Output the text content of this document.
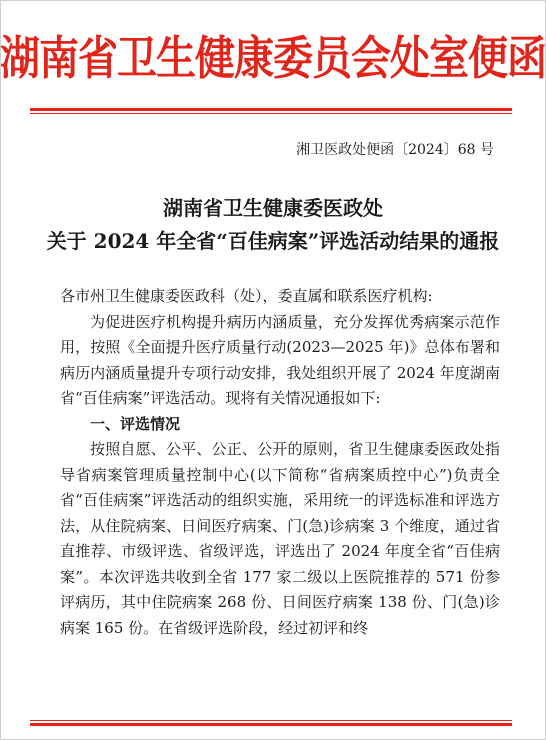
湖南省卫生健康委员会处室便函
湘卫医政处便函〔2024〕68 号
湖南省卫生健康委医政处
关于 2024 年全省“百佳病案”评选活动结果的通报

各市州卫生健康委医政科（处），委直属和联系医疗机构:

为促进医疗机构提升病历内涵质量，充分发挥优秀病案示范作用，按照《全面提升医疗质量行动(2023—2025 年)》总体布署和病历内涵质量提升专项行动安排，我处组织开展了 2024 年度湖南省“百佳病案”评选活动。现将有关情况通报如下:

一、评选情况

按照自愿、公平、公正、公开的原则，省卫生健康委医政处指导省病案管理质量控制中心(以下简称“省病案质控中心”)负责全省“百佳病案”评选活动的组织实施，采用统一的评选标准和评选方法，从住院病案、日间医疗病案、门(急)诊病案 3 个维度，通过省直推荐、市级评选、省级评选，评选出了 2024 年度全省“百佳病案”。本次评选共收到全省 177 家二级以上医院推荐的 571 份参评病历，其中住院病案 268 份、日间医疗病案 138 份、门(急)诊病案 165 份。在省级评选阶段，经过初评和终
